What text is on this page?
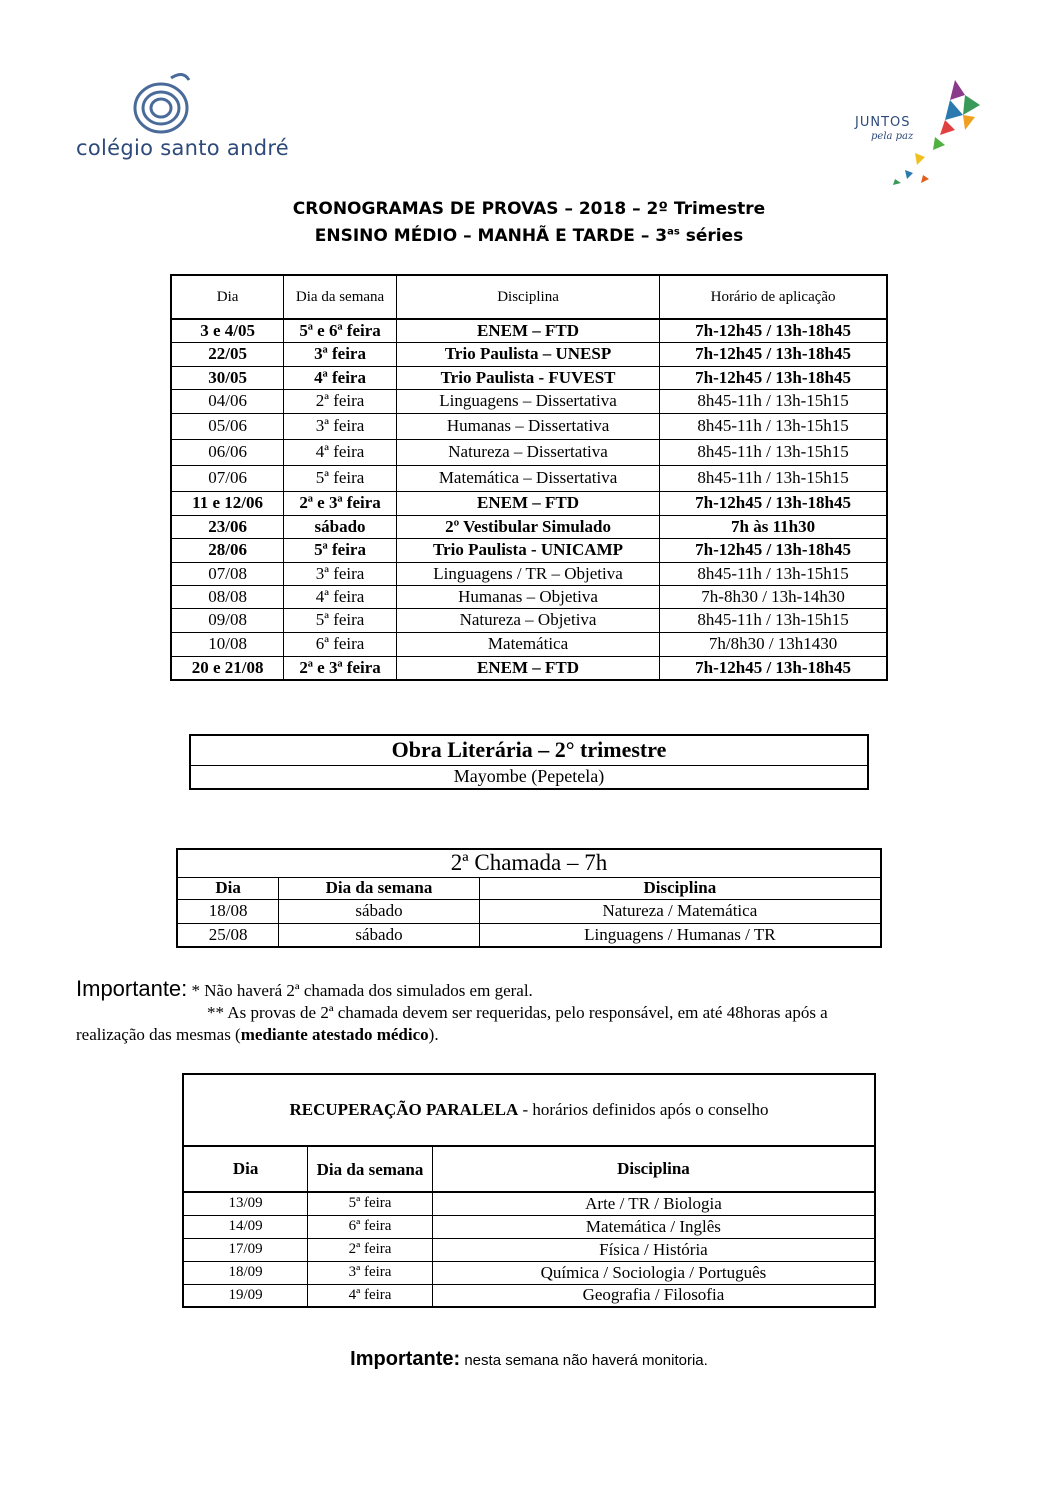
colégio santo andré
JUNTOS
pela paz
CRONOGRAMAS DE PROVAS – 2018 – 2º Trimestre
ENSINO MÉDIO – MANHÃ E TARDE – $3^{as}$ séries
Dia	Dia da semana	Disciplina	Horário de aplicação
3 e 4/05	5ª e 6ª feira	ENEM – FTD	7h-12h45 / 13h-18h45
22/05	3ª feira	Trio Paulista – UNESP	7h-12h45 / 13h-18h45
30/05	4ª feira	Trio Paulista - FUVEST	7h-12h45 / 13h-18h45
04/06	2ª feira	Linguagens – Dissertativa	8h45-11h / 13h-15h15
05/06	3ª feira	Humanas – Dissertativa	8h45-11h / 13h-15h15
06/06	4ª feira	Natureza – Dissertativa	8h45-11h / 13h-15h15
07/06	5ª feira	Matemática – Dissertativa	8h45-11h / 13h-15h15
11 e 12/06	2ª e 3ª feira	ENEM – FTD	7h-12h45 / 13h-18h45
23/06	sábado	2º Vestibular Simulado	7h às 11h30
28/06	5ª feira	Trio Paulista - UNICAMP	7h-12h45 / 13h-18h45
07/08	3ª feira	Linguagens / TR – Objetiva	8h45-11h / 13h-15h15
08/08	4ª feira	Humanas – Objetiva	7h-8h30 / 13h-14h30
09/08	5ª feira	Natureza – Objetiva	8h45-11h / 13h-15h15
10/08	6ª feira	Matemática	7h/8h30 / 13h1430
20 e 21/08	2ª e 3ª feira	ENEM – FTD	7h-12h45 / 13h-18h45
Obra Literária – 2° trimestre
Mayombe (Pepetela)
2ª Chamada – 7h		
Dia	Dia da semana	Disciplina
18/08	sábado	Natureza / Matemática
25/08	sábado	Linguagens / Humanas / TR
Importante: * Não haverá 2ª chamada dos simulados em geral.
** As provas de 2ª chamada devem ser requeridas, pelo responsável, em até 48horas após a
realização das mesmas (mediante atestado médico).
RECUPERAÇÃO PARALELA - horários definidos após o conselho		
Dia	Dia da semana	Disciplina
13/09	5ª feira	Arte / TR / Biologia
14/09	6ª feira	Matemática / Inglês
17/09	2ª feira	Física / História
18/09	3ª feira	Química / Sociologia / Português
19/09	4ª feira	Geografia / Filosofia
Importante: nesta semana não haverá monitoria.
